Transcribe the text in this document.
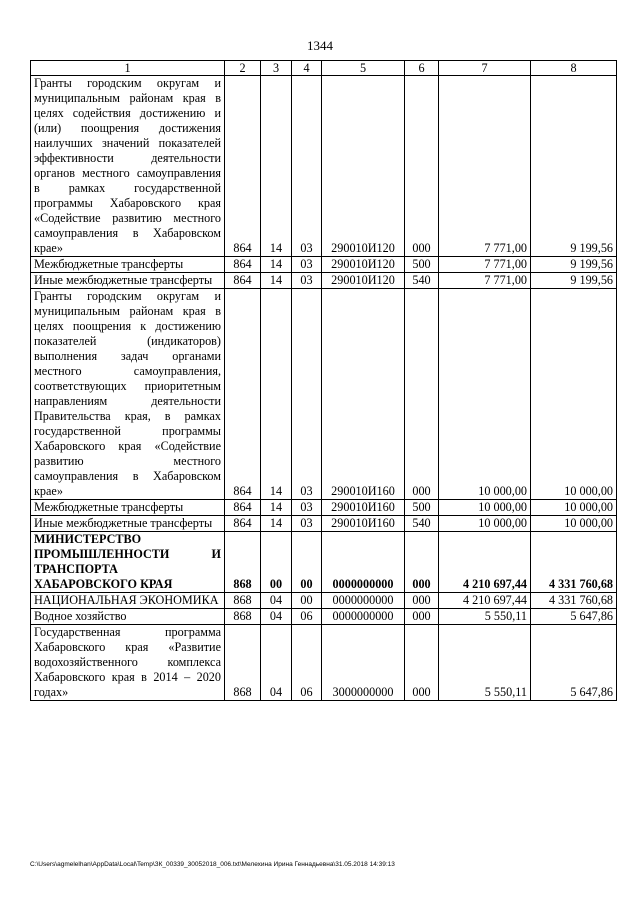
1344
1	2	3	4	5	6	7	8
Гранты городским округам и муниципальным районам края в целях содействия достижению и (или) поощрения достижения наилучших значений показателей эффективности деятельности органов местного самоуправления в рамках государственной программы Хабаровского края «Содействие развитию местного самоуправления в Хабаровском крае»	864	14	03	290010И120	000	7 771,00	9 199,56
Межбюджетные трансферты	864	14	03	290010И120	500	7 771,00	9 199,56
Иные межбюджетные трансферты	864	14	03	290010И120	540	7 771,00	9 199,56
Гранты городским округам и муниципальным районам края в целях поощрения к достижению показателей (индикаторов) выполнения задач органами местного самоуправления, соответствующих приоритетным направлениям деятельности Правительства края, в рамках государственной программы Хабаровского края «Содействие развитию местного самоуправления в Хабаровском крае»	864	14	03	290010И160	000	10 000,00	10 000,00
Межбюджетные трансферты	864	14	03	290010И160	500	10 000,00	10 000,00
Иные межбюджетные трансферты	864	14	03	290010И160	540	10 000,00	10 000,00
МИНИСТЕРСТВО ПРОМЫШЛЕННОСТИ И ТРАНСПОРТА ХАБАРОВСКОГО КРАЯ	868	00	00	0000000000	000	4 210 697,44	4 331 760,68
НАЦИОНАЛЬНАЯ ЭКОНОМИКА	868	04	00	0000000000	000	4 210 697,44	4 331 760,68
Водное хозяйство	868	04	06	0000000000	000	5 550,11	5 647,86
Государственная программа Хабаровского края «Развитие водохозяйственного комплекса Хабаровского края в 2014 – 2020 годах»	868	04	06	3000000000	000	5 550,11	5 647,86
C:\Users\agmelelhan\AppData\Local\Temp\ЗК_00339_30052018_006.txt\Мелехина Ирина Геннадьевна\31.05.2018 14:39:13
